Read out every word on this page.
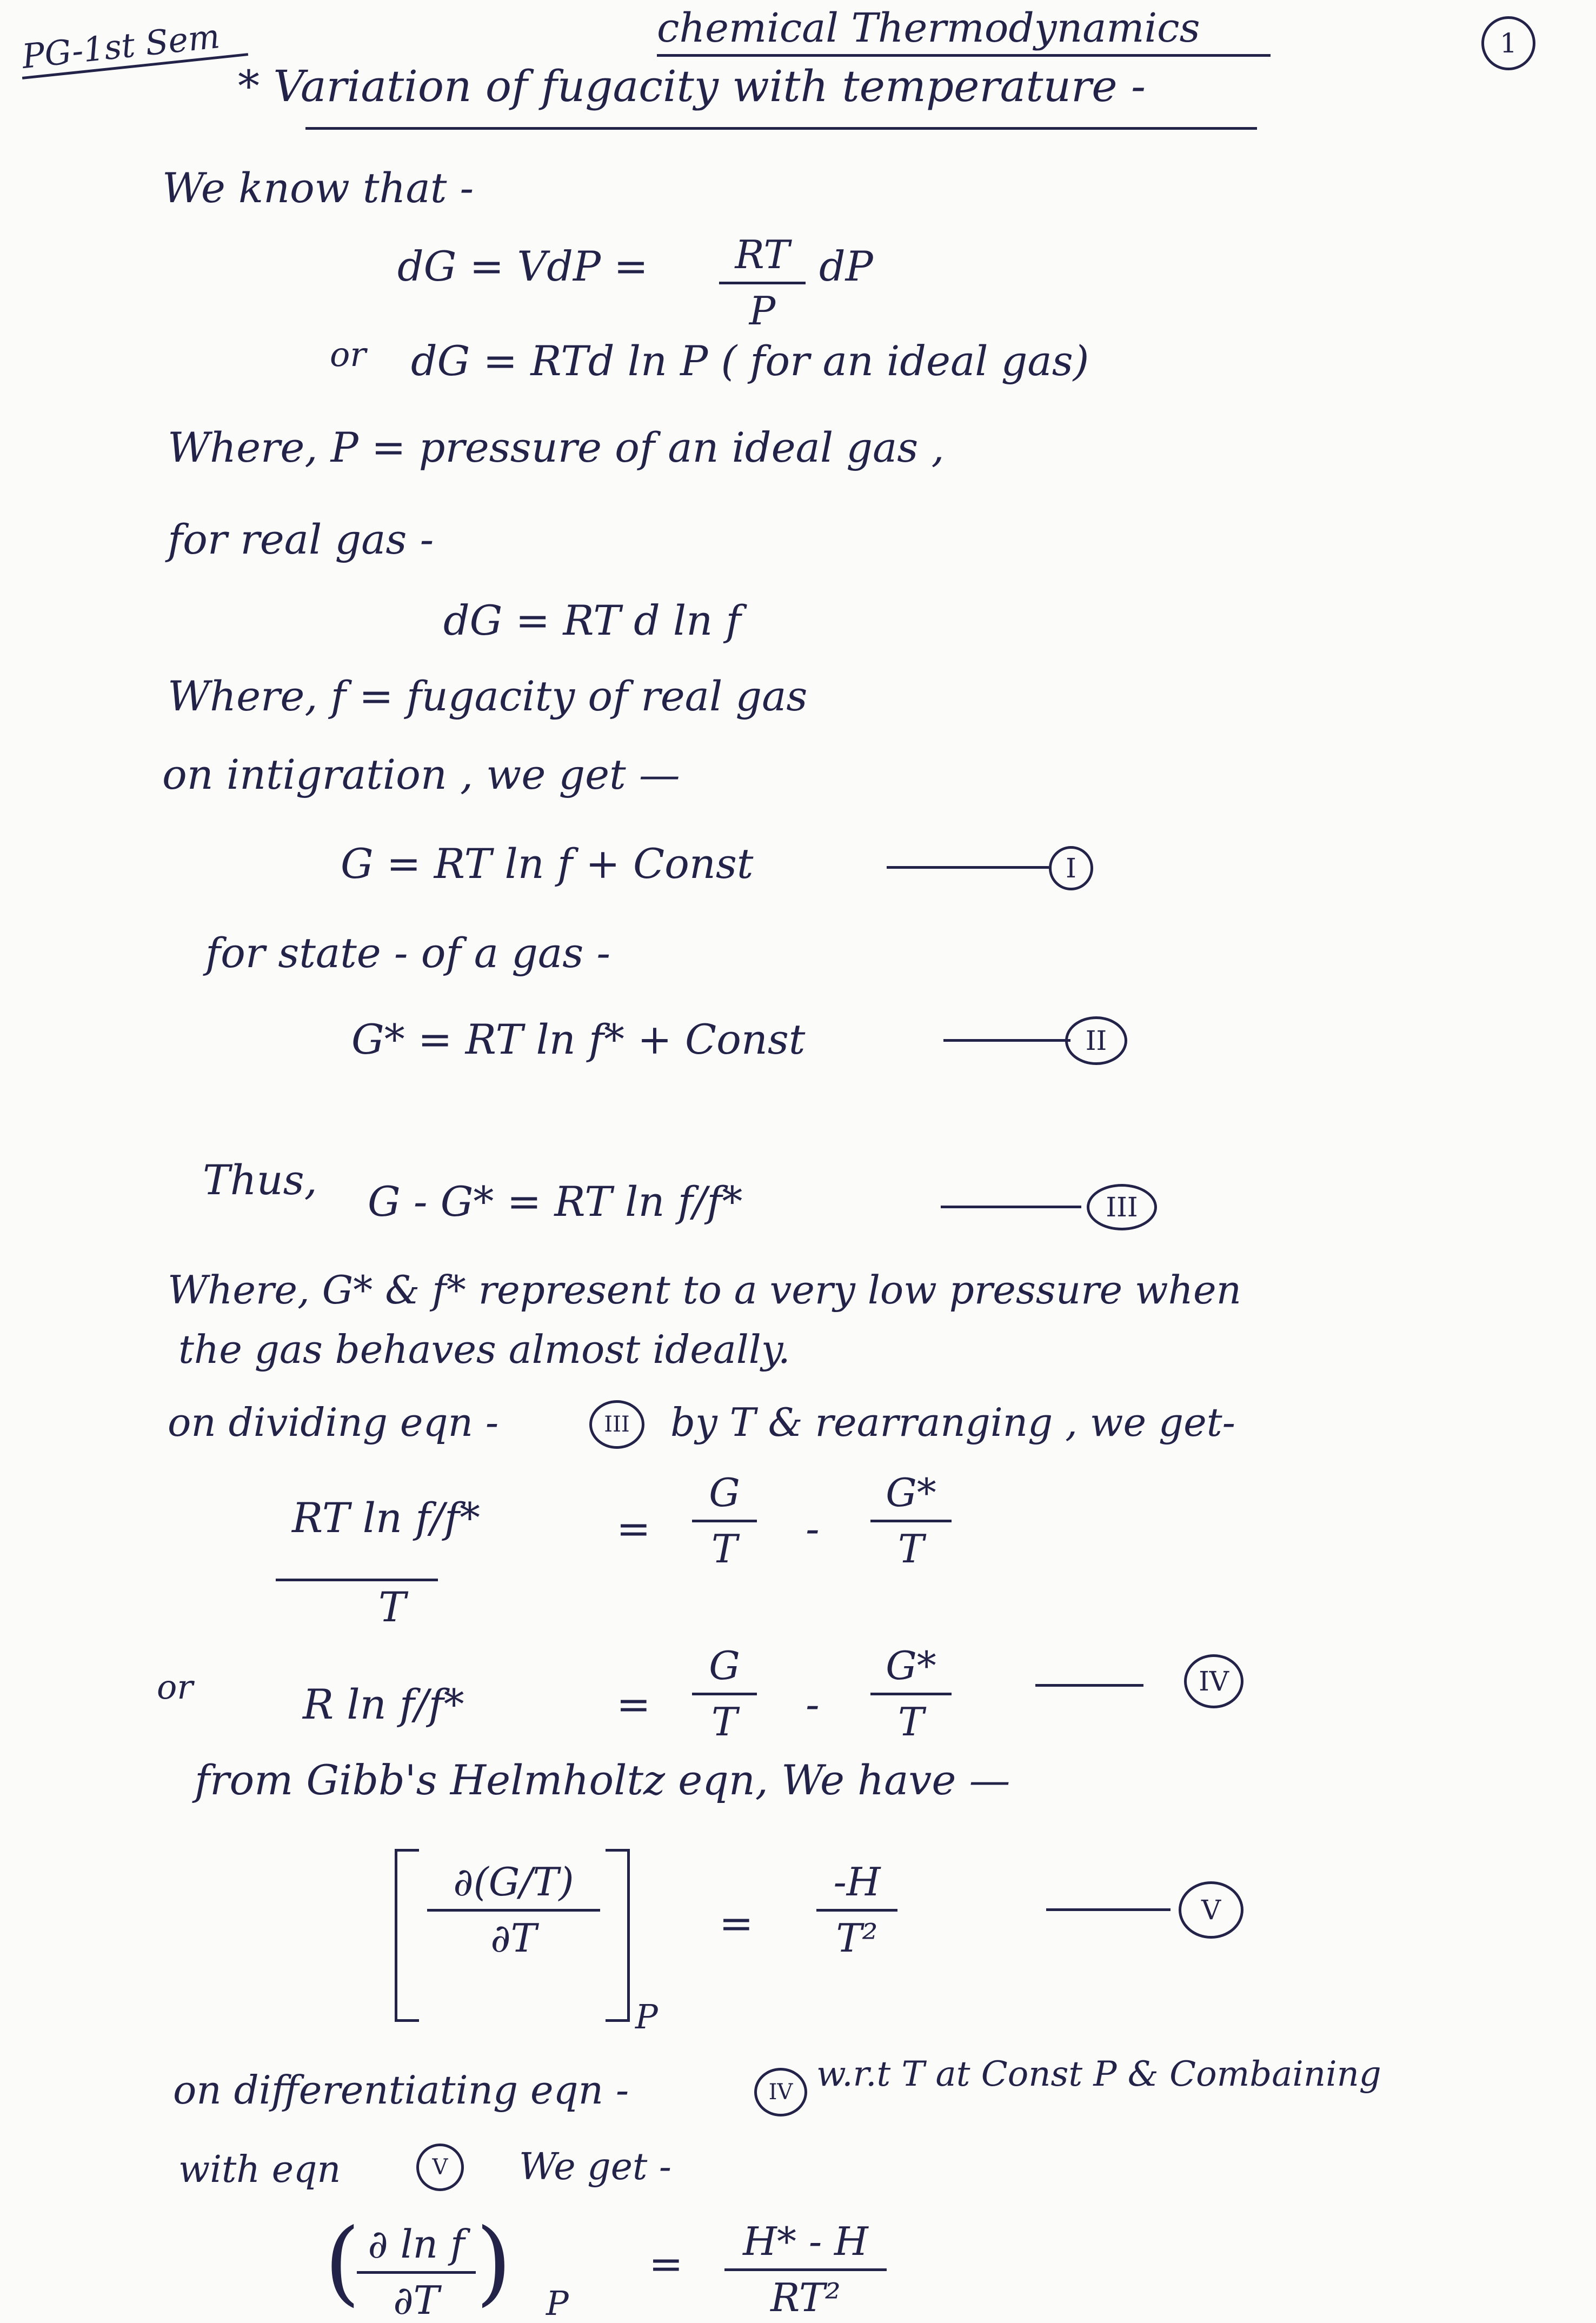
PG-1st Sem	chemical Thermodynamics	1
* Variation of fugacity with temperature -
We know that -
dG = VdP =	RT
P
dP
or dG = RTd ln P ( for an ideal gas)
Where, P = pressure of an ideal gas ,
for real gas -
dG = RT d ln f
Where, f = fugacity of real gas
on intigration , we get —
G = RT ln f + Const	I
for state - of a gas -
G* = RT ln f* + Const	II
Thus, G - G* = RT ln f/f*	III
Where, G* & f* represent to a very low pressure when
the gas behaves almost ideally.
on dividing eqn -	III	by T & rearranging , we get-
RT ln f/f*
T
=
G
T	-
G*
T
or	R ln f/f*	=
G
T	-
G*
T
IV
from Gibb's Helmholtz eqn, We have —
∂(G/T)
∂T
P
=
-H
T²
V
on differentiating eqn -	IV w.r.t T at Const P & Combaining
with eqn	V	We get -
( ∂ ln f
∂T ) P
=	H* - H
RT²
